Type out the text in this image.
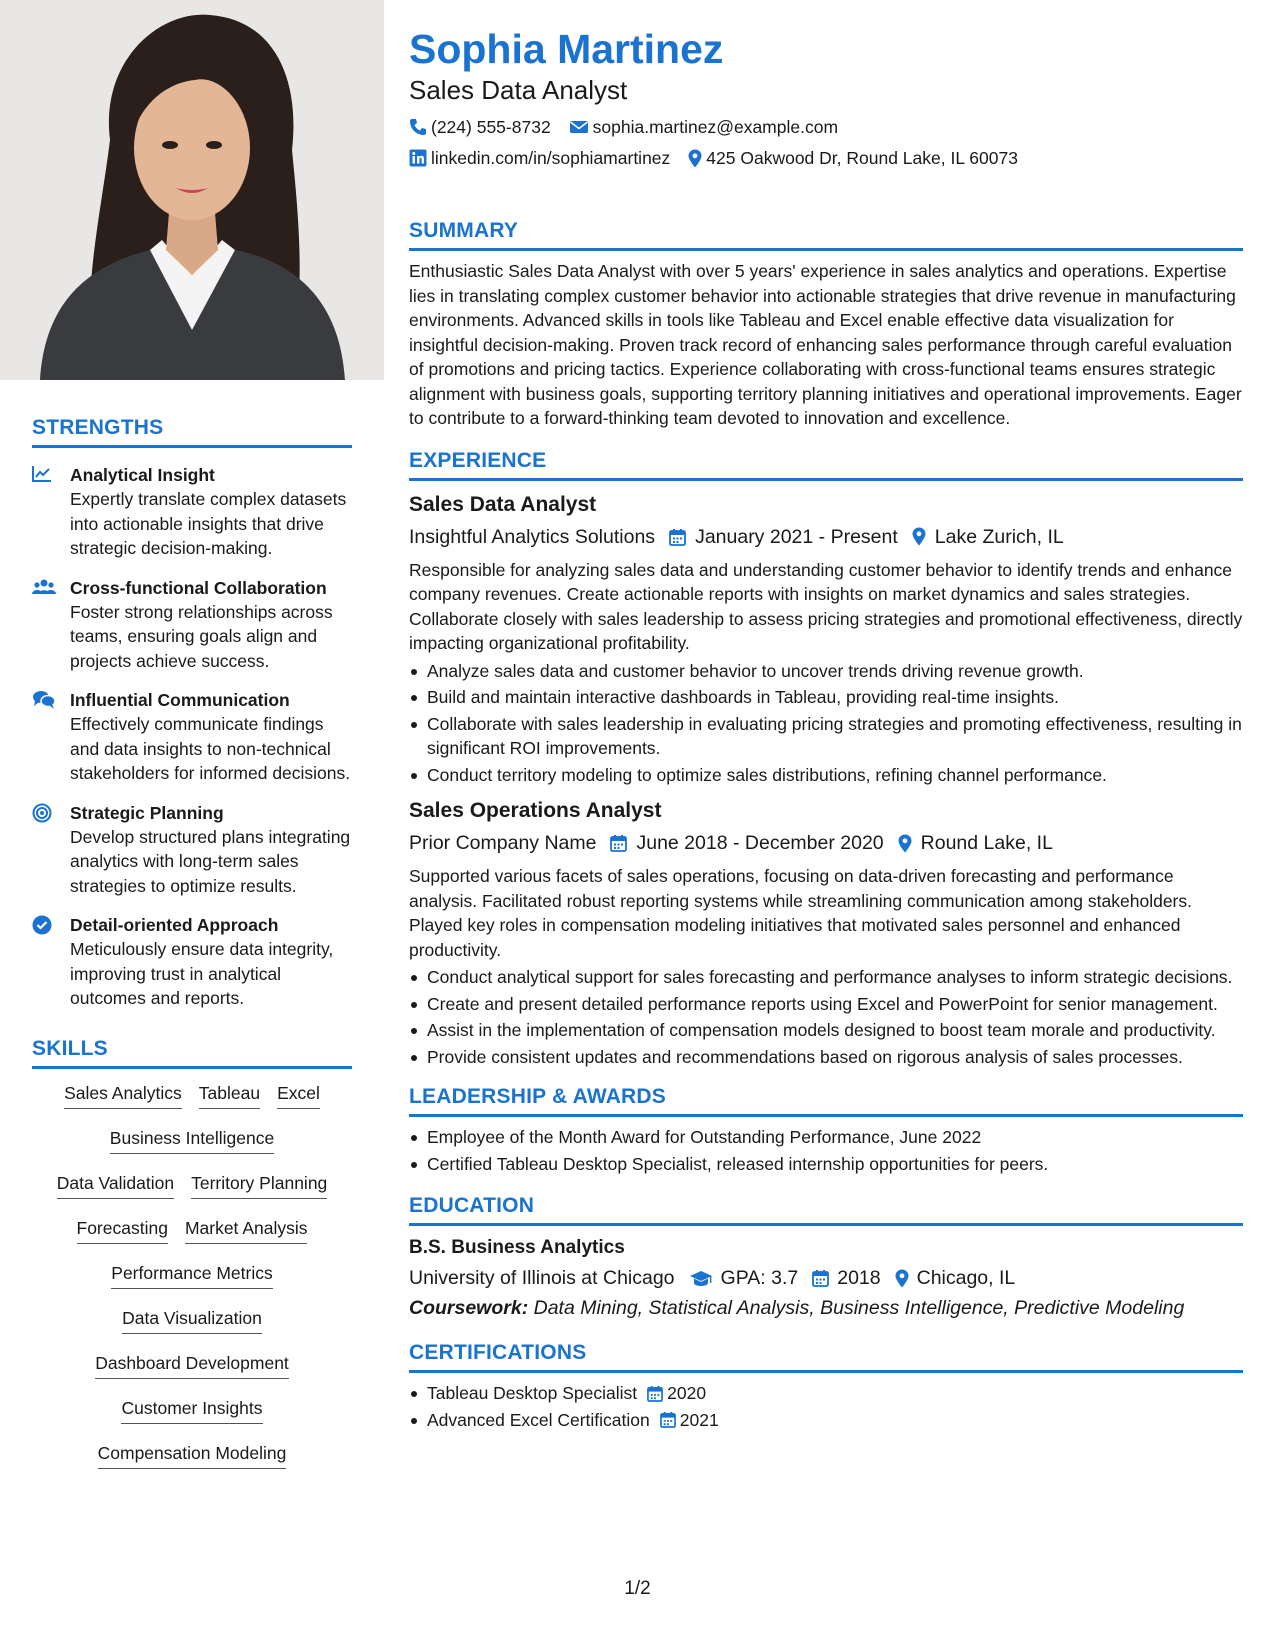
STRENGTHS
Analytical Insight
Expertly translate complex datasets into actionable insights that drive strategic decision-making.
Cross-functional Collaboration
Foster strong relationships across teams, ensuring goals align and projects achieve success.
Influential Communication
Effectively communicate findings and data insights to non-technical stakeholders for informed decisions.
Strategic Planning
Develop structured plans integrating analytics with long-term sales strategies to optimize results.
Detail-oriented Approach
Meticulously ensure data integrity, improving trust in analytical outcomes and reports.
SKILLS
Sales Analytics Tableau Excel
Business Intelligence
Data Validation Territory Planning
Forecasting Market Analysis
Performance Metrics
Data Visualization
Dashboard Development
Customer Insights
Compensation Modeling
Sophia Martinez
Sales Data Analyst
(224) 555-8732 sophia.martinez@example.com
linkedin.com/in/sophiamartinez 425 Oakwood Dr, Round Lake, IL 60073
SUMMARY
Enthusiastic Sales Data Analyst with over 5 years' experience in sales analytics and operations. Expertise lies in translating complex customer behavior into actionable strategies that drive revenue in manufacturing environments. Advanced skills in tools like Tableau and Excel enable effective data visualization for insightful decision-making. Proven track record of enhancing sales performance through careful evaluation of promotions and pricing tactics. Experience collaborating with cross-functional teams ensures strategic alignment with business goals, supporting territory planning initiatives and operational improvements. Eager to contribute to a forward-thinking team devoted to innovation and excellence.
EXPERIENCE
Sales Data Analyst
Insightful Analytics Solutions January 2021 - Present Lake Zurich, IL
Responsible for analyzing sales data and understanding customer behavior to identify trends and enhance company revenues. Create actionable reports with insights on market dynamics and sales strategies. Collaborate closely with sales leadership to assess pricing strategies and promotional effectiveness, directly impacting organizational profitability.
Analyze sales data and customer behavior to uncover trends driving revenue growth.
Build and maintain interactive dashboards in Tableau, providing real-time insights.
Collaborate with sales leadership in evaluating pricing strategies and promoting effectiveness, resulting in significant ROI improvements.
Conduct territory modeling to optimize sales distributions, refining channel performance.
Sales Operations Analyst
Prior Company Name June 2018 - December 2020 Round Lake, IL
Supported various facets of sales operations, focusing on data-driven forecasting and performance analysis. Facilitated robust reporting systems while streamlining communication among stakeholders. Played key roles in compensation modeling initiatives that motivated sales personnel and enhanced productivity.
Conduct analytical support for sales forecasting and performance analyses to inform strategic decisions.
Create and present detailed performance reports using Excel and PowerPoint for senior management.
Assist in the implementation of compensation models designed to boost team morale and productivity.
Provide consistent updates and recommendations based on rigorous analysis of sales processes.
LEADERSHIP & AWARDS
Employee of the Month Award for Outstanding Performance, June 2022
Certified Tableau Desktop Specialist, released internship opportunities for peers.
EDUCATION
B.S. Business Analytics
University of Illinois at Chicago GPA: 3.7 2018 Chicago, IL
Coursework: Data Mining, Statistical Analysis, Business Intelligence, Predictive Modeling
CERTIFICATIONS
Tableau Desktop Specialist 2020
Advanced Excel Certification 2021
1/2
